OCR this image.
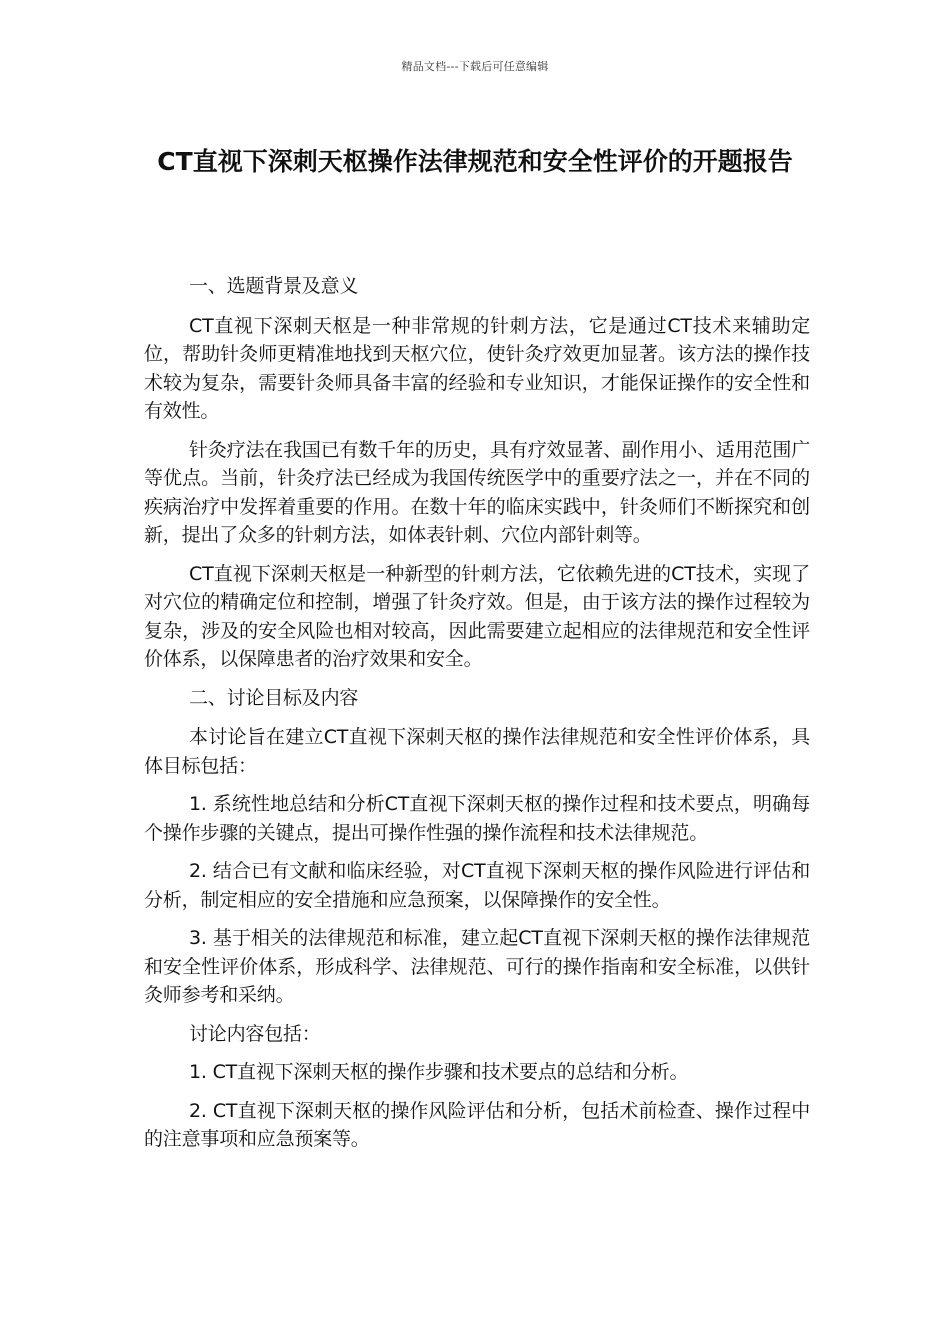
精品文档---下载后可任意编辑
CT直视下深刺天枢操作法律规范和安全性评价的开题报告

一、选题背景及意义

CT直视下深刺天枢是一种非常规的针刺方法，它是通过CT技术来辅助定位，帮助针灸师更精准地找到天枢穴位，使针灸疗效更加显著。该方法的操作技术较为复杂，需要针灸师具备丰富的经验和专业知识，才能保证操作的安全性和有效性。

针灸疗法在我国已有数千年的历史，具有疗效显著、副作用小、适用范围广等优点。当前，针灸疗法已经成为我国传统医学中的重要疗法之一，并在不同的疾病治疗中发挥着重要的作用。在数十年的临床实践中，针灸师们不断探究和创新，提出了众多的针刺方法，如体表针刺、穴位内部针刺等。

CT直视下深刺天枢是一种新型的针刺方法，它依赖先进的CT技术，实现了对穴位的精确定位和控制，增强了针灸疗效。但是，由于该方法的操作过程较为复杂，涉及的安全风险也相对较高，因此需要建立起相应的法律规范和安全性评价体系，以保障患者的治疗效果和安全。

二、讨论目标及内容

本讨论旨在建立CT直视下深刺天枢的操作法律规范和安全性评价体系，具体目标包括：

1. 系统性地总结和分析CT直视下深刺天枢的操作过程和技术要点，明确每个操作步骤的关键点，提出可操作性强的操作流程和技术法律规范。

2. 结合已有文献和临床经验，对CT直视下深刺天枢的操作风险进行评估和分析，制定相应的安全措施和应急预案，以保障操作的安全性。

3. 基于相关的法律规范和标准，建立起CT直视下深刺天枢的操作法律规范和安全性评价体系，形成科学、法律规范、可行的操作指南和安全标准，以供针灸师参考和采纳。

讨论内容包括：

1. CT直视下深刺天枢的操作步骤和技术要点的总结和分析。

2. CT直视下深刺天枢的操作风险评估和分析，包括术前检查、操作过程中的注意事项和应急预案等。
